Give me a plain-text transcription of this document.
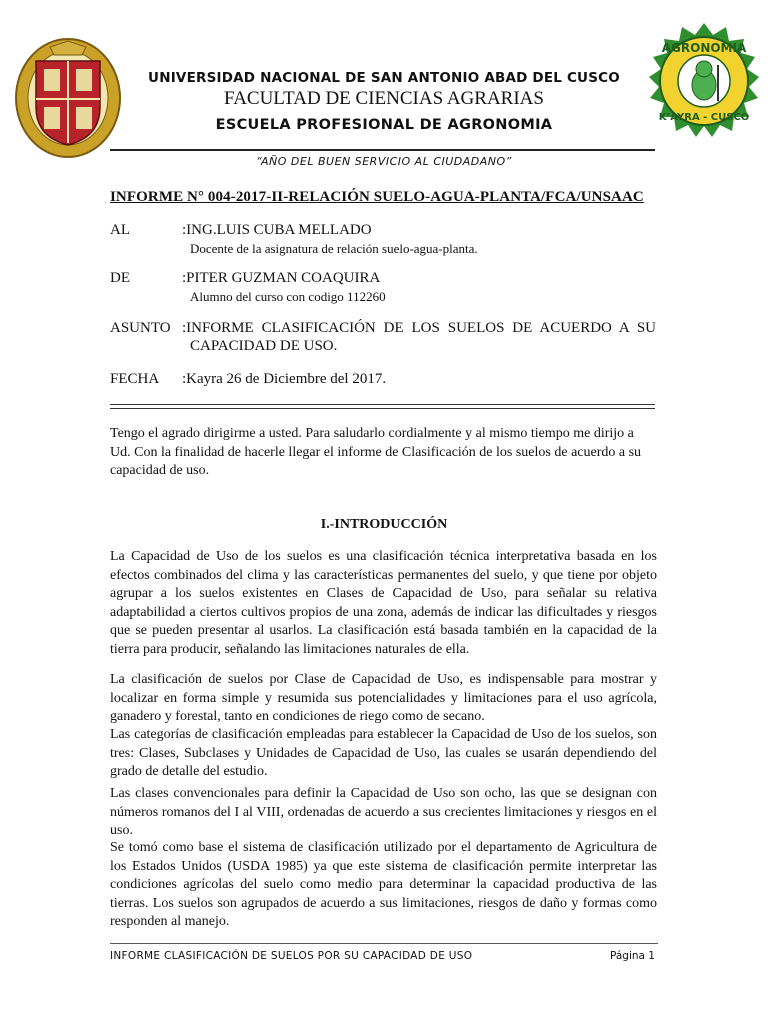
AGRONOMIA
K’AYRA - CUSCO
UNIVERSIDAD NACIONAL DE SAN ANTONIO ABAD DEL CUSCO
FACULTAD DE CIENCIAS AGRARIAS
ESCUELA PROFESIONAL DE AGRONOMIA
“AÑO DEL BUEN SERVICIO AL CIUDADANO”
INFORME N° 004-2017-II-RELACIÓN SUELO-AGUA-PLANTA/FCA/UNSAAC
AL	:ING.LUIS CUBA MELLADO
Docente de la asignatura de relación suelo-agua-planta.
DE	:PITER GUZMAN COAQUIRA
Alumno del curso con codigo 112260
ASUNTO :INFORME CLASIFICACIÓN DE LOS SUELOS DE ACUERDO A SU
CAPACIDAD DE USO.
FECHA :Kayra 26 de Diciembre del 2017.
Tengo el agrado dirigirme a usted. Para saludarlo cordialmente y al mismo tiempo me dirijo a Ud. Con la finalidad de hacerle llegar el informe de Clasificación de los suelos de acuerdo a su capacidad de uso.
I.-INTRODUCCIÓN
La Capacidad de Uso de los suelos es una clasificación técnica interpretativa basada en los efectos combinados del clima y las características permanentes del suelo, y que tiene por objeto agrupar a los suelos existentes en Clases de Capacidad de Uso, para señalar su relativa adaptabilidad a ciertos cultivos propios de una zona, además de indicar las dificultades y riesgos que se pueden presentar al usarlos. La clasificación está basada también en la capacidad de la tierra para producir, señalando las limitaciones naturales de ella.
La clasificación de suelos por Clase de Capacidad de Uso, es indispensable para mostrar y localizar en forma simple y resumida sus potencialidades y limitaciones para el uso agrícola, ganadero y forestal, tanto en condiciones de riego como de secano.
Las categorías de clasificación empleadas para establecer la Capacidad de Uso de los suelos, son tres: Clases, Subclases y Unidades de Capacidad de Uso, las cuales se usarán dependiendo del grado de detalle del estudio.
Las clases convencionales para definir la Capacidad de Uso son ocho, las que se designan con números romanos del I al VIII, ordenadas de acuerdo a sus crecientes limitaciones y riesgos en el uso.
Se tomó como base el sistema de clasificación utilizado por el departamento de Agricultura de los Estados Unidos (USDA 1985) ya que este sistema de clasificación permite interpretar las condiciones agrícolas del suelo como medio para determinar la capacidad productiva de las tierras. Los suelos son agrupados de acuerdo a sus limitaciones, riesgos de daño y formas como responden al manejo.
INFORME CLASIFICACIÓN DE SUELOS POR SU CAPACIDAD DE USO	Página 1
